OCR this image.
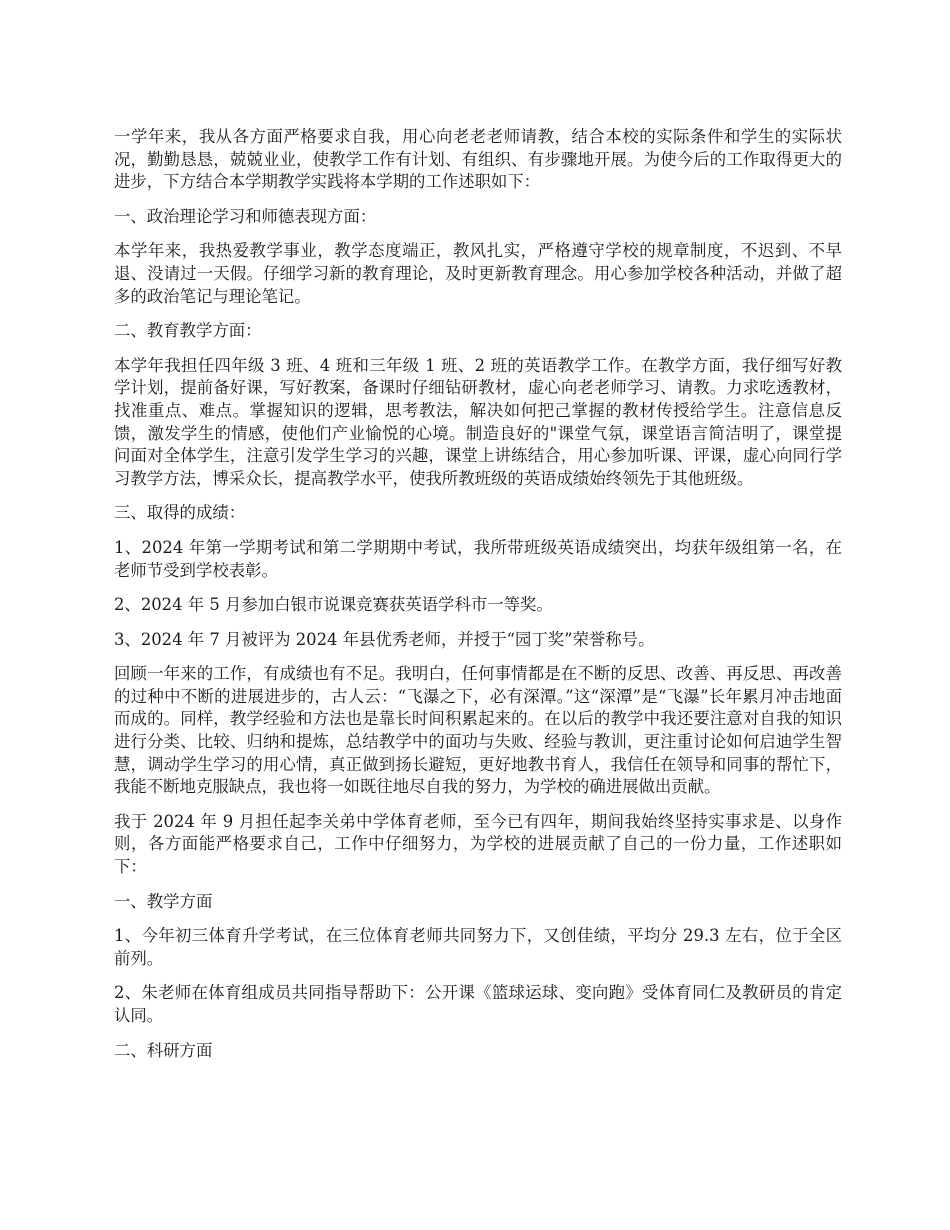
一学年来，我从各方面严格要求自我，用心向老老老师请教，结合本校的实际条件和学生的实际状况，勤勤恳恳，兢兢业业，使教学工作有计划、有组织、有步骤地开展。为使今后的工作取得更大的进步，下方结合本学期教学实践将本学期的工作述职如下：

一、政治理论学习和师德表现方面：

本学年来，我热爱教学事业，教学态度端正，教风扎实，严格遵守学校的规章制度，不迟到、不早退、没请过一天假。仔细学习新的教育理论，及时更新教育理念。用心参加学校各种活动，并做了超多的政治笔记与理论笔记。

二、教育教学方面：

本学年我担任四年级 3 班、4 班和三年级 1 班、2 班的英语教学工作。在教学方面，我仔细写好教学计划，提前备好课，写好教案，备课时仔细钻研教材，虚心向老老师学习、请教。力求吃透教材，找准重点、难点。掌握知识的逻辑，思考教法，解决如何把己掌握的教材传授给学生。注意信息反馈，激发学生的情感，使他们产业愉悦的心境。制造良好的"课堂气氛，课堂语言简洁明了，课堂提问面对全体学生，注意引发学生学习的兴趣，课堂上讲练结合，用心参加听课、评课，虚心向同行学习教学方法，博采众长，提高教学水平，使我所教班级的英语成绩始终领先于其他班级。

三、取得的成绩：

1、2024 年第一学期考试和第二学期期中考试，我所带班级英语成绩突出，均获年级组第一名，在老师节受到学校表彰。

2、2024 年 5 月参加白银市说课竞赛获英语学科市一等奖。

3、2024 年 7 月被评为 2024 年县优秀老师，并授于“园丁奖”荣誉称号。

回顾一年来的工作，有成绩也有不足。我明白，任何事情都是在不断的反思、改善、再反思、再改善的过种中不断的进展进步的，古人云：“飞瀑之下，必有深潭。”这“深潭”是“飞瀑”长年累月冲击地面而成的。同样，教学经验和方法也是靠长时间积累起来的。在以后的教学中我还要注意对自我的知识进行分类、比较、归纳和提炼，总结教学中的面功与失败、经验与教训，更注重讨论如何启迪学生智慧，调动学生学习的用心情，真正做到扬长避短，更好地教书育人，我信任在领导和同事的帮忙下，我能不断地克服缺点，我也将一如既往地尽自我的努力，为学校的确进展做出贡献。

我于 2024 年 9 月担任起李关弟中学体育老师，至今已有四年，期间我始终坚持实事求是、以身作则，各方面能严格要求自己，工作中仔细努力，为学校的进展贡献了自己的一份力量，工作述职如下：

一、教学方面

1、今年初三体育升学考试，在三位体育老师共同努力下，又创佳绩，平均分 29.3 左右，位于全区前列。

2、朱老师在体育组成员共同指导帮助下：公开课《篮球运球、变向跑》受体育同仁及教研员的肯定认同。

二、科研方面
